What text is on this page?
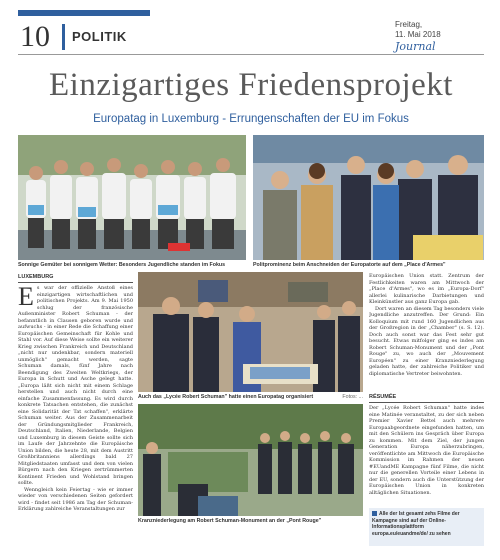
10 POLITIK
Freitag,
11. Mai 2018
Journal
Einzigartiges Friedensprojekt
Europatag in Luxemburg - Errungenschaften der EU im Fokus
Sonnige Gemüter bei sonnigem Wetter: Besonders Jugendliche standen im Fokus	Politprominenz beim Anschneiden der Europatorte auf dem „Place d'Armes"
LUXEMBURG
Es war der offizielle Anstoß eines einzigartigen wirtschaftlichen und politischen Projekts. Am 9. Mai 1950 schlug der französische Außenminister Robert Schuman - der befanntlich in Clausen geboren wurde und aufwuchs - in einer Rede die Schaffung einer Europäischen Gemeinschaft für Kohle und Stahl vor. Auf diese Weise sollte ein weiterer Krieg zwischen Frankreich und Deutschland „nicht nur undenkbar, sondern materiell unmöglich" gemacht werden, sagte Schuman damals, fünf Jahre nach Beendigung des Zweiten Weltkriegs, der Europa in Schutt und Asche gelegt hatte. „Europa läßt sich nicht mit einem Schlage herstellen und auch nicht durch eine einfache Zusammenfassung. Es wird durch konkrete Tatsachen entstehen, die zunächst eine Solidarität der Tat schaffen", erklärte Schuman weiter. Aus der Zusammenarbeit der Gründungsmitglieder Frankreich, Deutschland, Italien, Niederlande, Belgien und Luxemburg in diesem Geiste sollte sich im Laufe der Jahrzehnte die Europäische Union bilden, die heute 28, mit dem Austritt Großbritanniens allerdings bald 27 Mitgliedstaaten umfasst und dem von vielen Bürgern nach den Kriegen zertrümmerten Kontinent Frieden und Wohlstand bringen sollte.
Wenngleich kein Feiertag - wie er immer wieder von verschiedenen Seiten gefordert wird - findet seit 1986 am Tag der Schuman-Erklärung zahlreiche Veranstaltungen zur
Auch das „Lycée Robert Schuman" hatte einen Europatag organisiert	Fotos: ...
Kranzniederlegung am Robert Schuman-Monument an der „Pont Rouge"
Europäischen Union statt. Zentrum der Festlichkeiten waren am Mittwoch der „Place d'Armes", wo es im „Europa-Dorf" allerlei kulinarische Darbietungen und Kleinkünstler aus ganz Europa gab.
Dort waren an diesem Tag besonders viele Jugendliche anzutreffen. Der Grund: Ein Kolloquium mit rund 160 Jugendlichen aus der Großregion in der „Chamber" (s. S. 12). Doch auch sonst war das Fest sehr gut besucht. Etwas mitfolger ging es indes am Robert Schuman-Monument und der „Pont Rouge" zu, wo auch der „Mouvement Européen" zu einer Kranzniederlegung geladen hatte, der zahlreiche Politiker und diplomatische Vertreter beiwohnten.
RÉSUMÉE
Der „Lycée Robert Schuman" hatte indes eine Matinée veranstaltet, zu der sich neben Premier Xavier Bettel auch mehrere Europaabgeordnete eingefunden hatten, um mit den Schülern ins Gespräch über Europa zu kommen. Mit dem Ziel, der jungen Generation Europa näherzubringen, veröffentlichte am Mittwoch die Europäische Kommission im Rahmen der neuen #EUandME Kampagne fünf Filme, die nicht nur die generellen Vorteile einer Lebens in der EU, sondern auch die Unterstützung der Europäischen Union in konkreten alltäglichen Situationen.
Alle der Ist gesamt zehs Filme der Kampagne sind auf der Online-Informationsplattform europa.eu/euandme/de/ zu sehen
